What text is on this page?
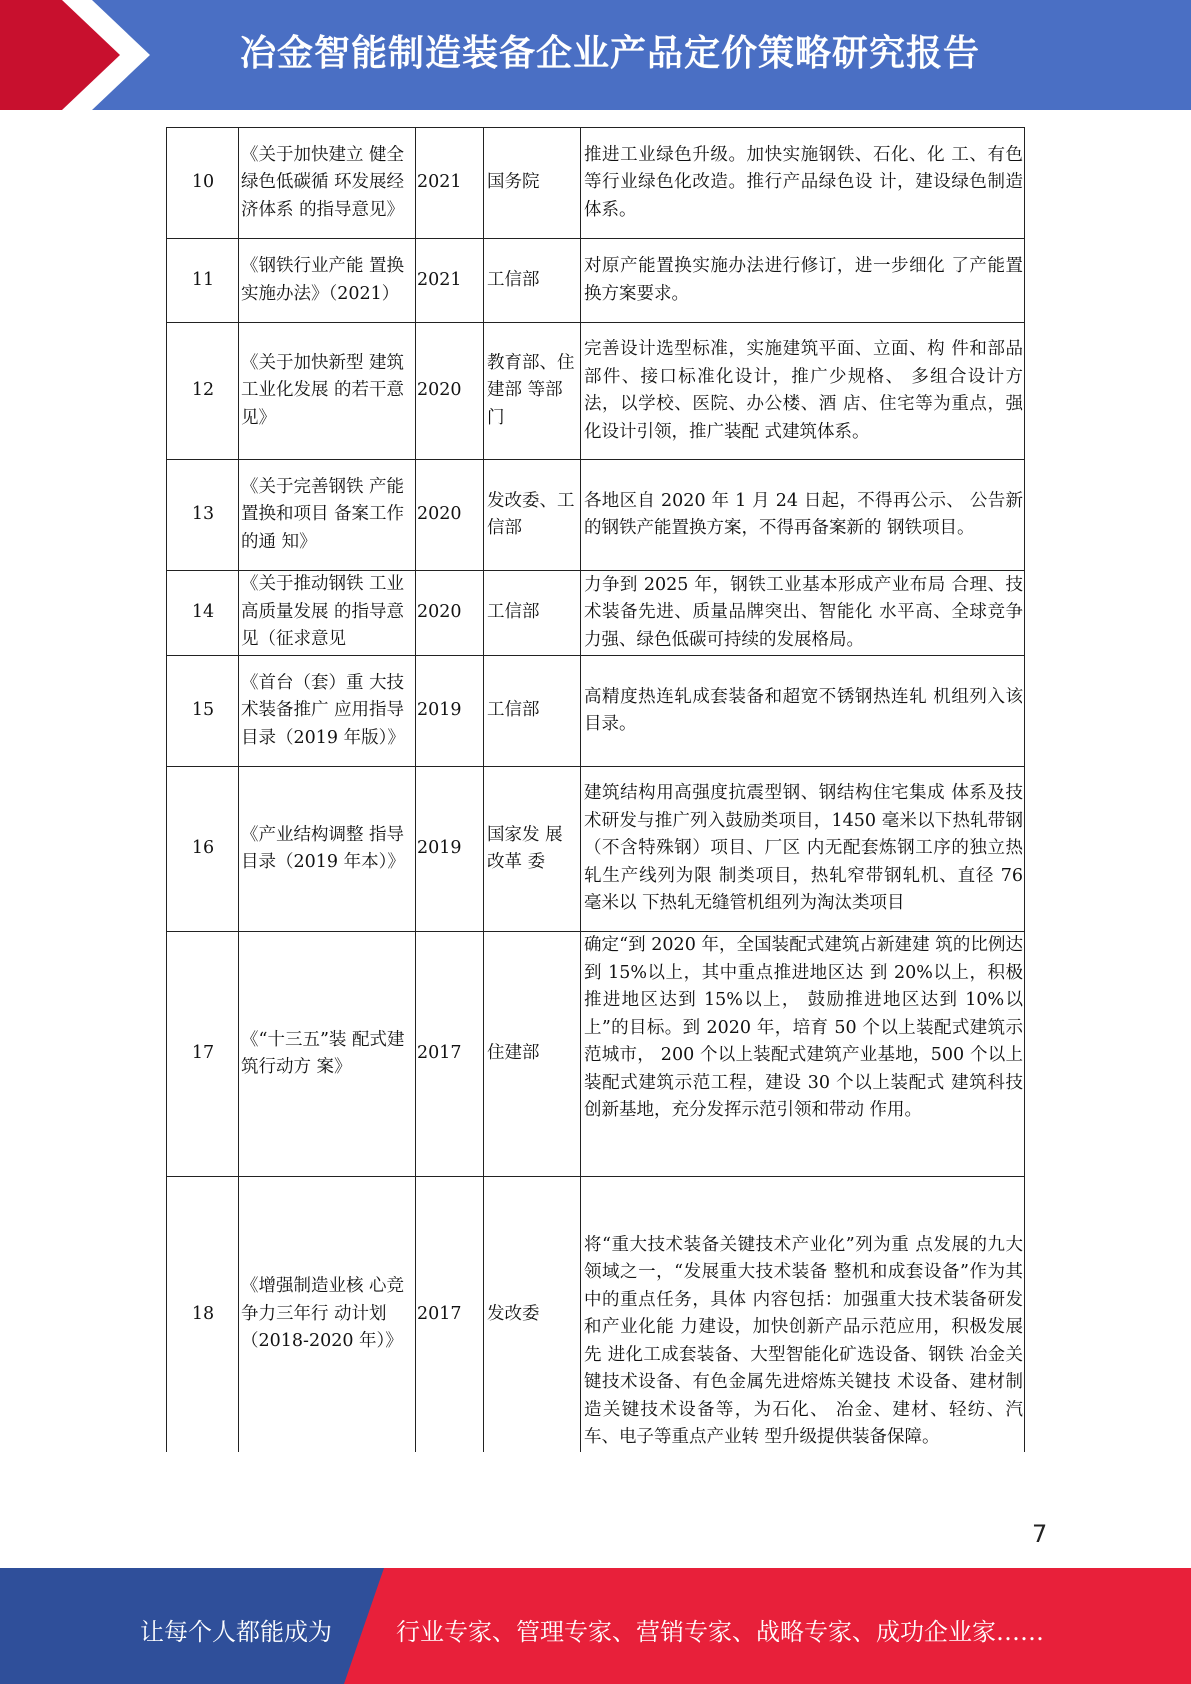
冶金智能制造装备企业产品定价策略研究报告
10	《关于加快建立 健全绿色低碳循 环发展经济体系 的指导意见》	2021	国务院	推进工业绿色升级。加快实施钢铁、石化、化 工、有色等行业绿色化改造。推行产品绿色设 计，建设绿色制造体系。
11	《钢铁行业产能 置换实施办法》（2021）	2021	工信部	对原产能置换实施办法进行修订，进一步细化 了产能置换方案要求。
12	《关于加快新型 建筑工业化发展 的若干意见》	2020	教育部、住建部 等部门	完善设计选型标准，实施建筑平面、立面、构 件和部品部件、接口标准化设计，推广少规格、 多组合设计方法，以学校、医院、办公楼、酒 店、住宅等为重点，强化设计引领，推广装配 式建筑体系。
13	《关于完善钢铁 产能置换和项目 备案工作的通 知》	2020	发改委、工信部	各地区自 2020 年 1 月 24 日起，不得再公示、 公告新的钢铁产能置换方案，不得再备案新的 钢铁项目。
14	《关于推动钢铁 工业高质量发展 的指导意见（征求意见	2020	工信部	力争到 2025 年，钢铁工业基本形成产业布局 合理、技术装备先进、质量品牌突出、智能化 水平高、全球竞争力强、绿色低碳可持续的发展格局。
15	《首台（套）重 大技术装备推广 应用指导目录（2019 年版）》	2019	工信部	高精度热连轧成套装备和超宽不锈钢热连轧 机组列入该目录。
16	《产业结构调整 指导目录（2019 年本）》	2019	国家发 展改革 委	建筑结构用高强度抗震型钢、钢结构住宅集成 体系及技术研发与推广列入鼓励类项目，1450 毫米以下热轧带钢（不含特殊钢）项目、厂区 内无配套炼钢工序的独立热轧生产线列为限 制类项目，热轧窄带钢轧机、直径 76 毫米以 下热轧无缝管机组列为淘汰类项目
17	《“十三五”装 配式建筑行动方 案》	2017	住建部	确定“到 2020 年，全国装配式建筑占新建建 筑的比例达到 15%以上，其中重点推进地区达 到 20%以上，积极推进地区达到 15%以上， 鼓励推进地区达到 10%以上”的目标。到 2020 年，培育 50 个以上装配式建筑示范城市， 200 个以上装配式建筑产业基地，500 个以上 装配式建筑示范工程，建设 30 个以上装配式 建筑科技创新基地，充分发挥示范引领和带动 作用。
18	《增强制造业核 心竞争力三年行 动计划（2018-2020 年）》	2017	发改委	将“重大技术装备关键技术产业化”列为重 点发展的九大领域之一，“发展重大技术装备 整机和成套设备”作为其中的重点任务，具体 内容包括：加强重大技术装备研发和产业化能 力建设，加快创新产品示范应用，积极发展先 进化工成套装备、大型智能化矿选设备、钢铁 冶金关键技术设备、有色金属先进熔炼关键技 术设备、建材制造关键技术设备等，为石化、 冶金、建材、轻纺、汽车、电子等重点产业转 型升级提供装备保障。
7
让每个人都能成为	行业专家、管理专家、营销专家、战略专家、成功企业家……
